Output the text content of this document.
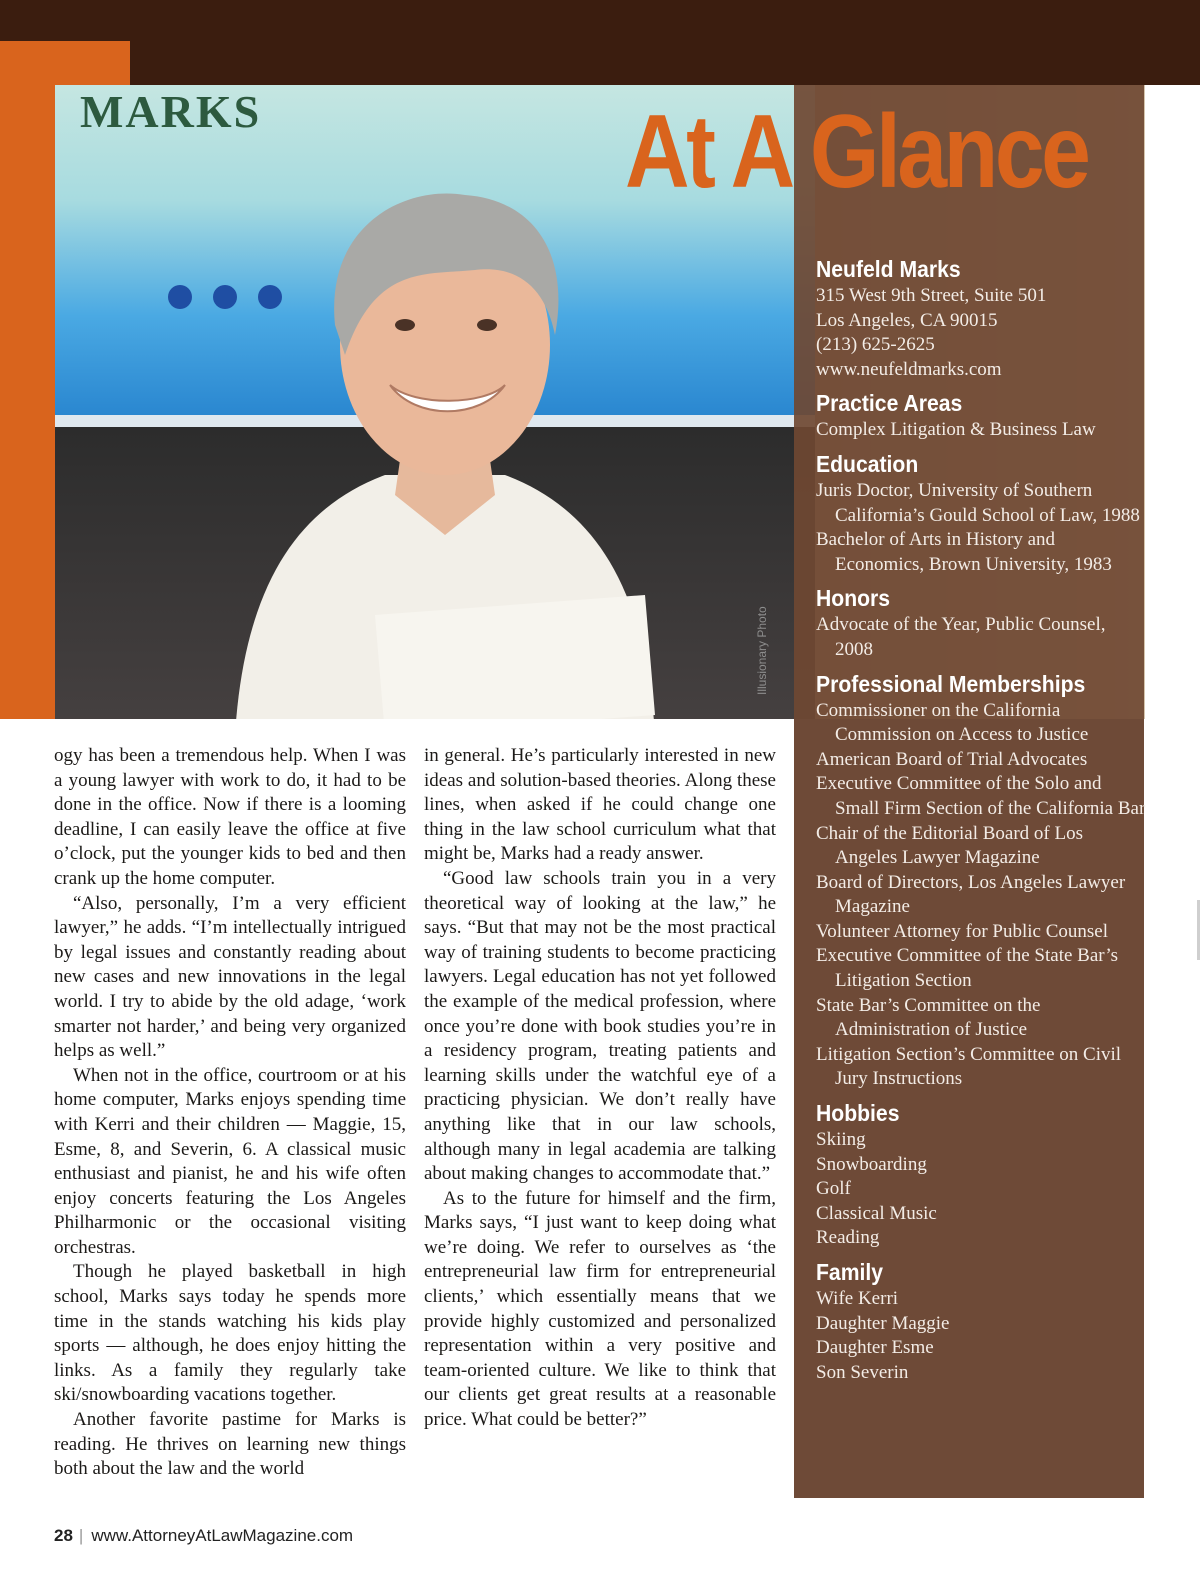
MARKS
Illusionary Photo
At A Glance
Neufeld Marks
315 West 9th Street, Suite 501
Los Angeles, CA 90015
(213) 625-2625
www.neufeldmarks.com
Practice Areas
Complex Litigation & Business Law
Education
Juris Doctor, University of Southern California’s Gould School of Law, 1988
Bachelor of Arts in History and Economics, Brown University, 1983
Honors
Advocate of the Year, Public Counsel, 2008
Professional Memberships
Commissioner on the California Commission on Access to Justice
American Board of Trial Advocates
Executive Committee of the Solo and Small Firm Section of the California Bar
Chair of the Editorial Board of Los Angeles Lawyer Magazine
Board of Directors, Los Angeles Lawyer Magazine
Volunteer Attorney for Public Counsel
Executive Committee of the State Bar’s Litigation Section
State Bar’s Committee on the Administration of Justice
Litigation Section’s Committee on Civil Jury Instructions
Hobbies
Skiing
Snowboarding
Golf
Classical Music
Reading
Family
Wife Kerri
Daughter Maggie
Daughter Esme
Son Severin

ogy has been a tremendous help. When I was a young lawyer with work to do, it had to be done in the office. Now if there is a looming deadline, I can easily leave the office at five o’clock, put the younger kids to bed and then crank up the home computer.

“Also, personally, I’m a very efficient lawyer,” he adds. “I’m intellectually intrigued by legal issues and constantly reading about new cases and new innovations in the legal world. I try to abide by the old adage, ‘work smarter not harder,’ and being very organized helps as well.”

When not in the office, courtroom or at his home computer, Marks enjoys spending time with Kerri and their children — Maggie, 15, Esme, 8, and Severin, 6. A classical music enthusiast and pianist, he and his wife often enjoy concerts featuring the Los Angeles Philharmonic or the occasional visiting orchestras.

Though he played basketball in high school, Marks says today he spends more time in the stands watching his kids play sports — although, he does enjoy hitting the links. As a family they regularly take ski/snowboarding vacations together.

Another favorite pastime for Marks is reading. He thrives on learning new things both about the law and the world

in general. He’s particularly interested in new ideas and solution-based theories. Along these lines, when asked if he could change one thing in the law school curriculum what that might be, Marks had a ready answer.

“Good law schools train you in a very theoretical way of looking at the law,” he says. “But that may not be the most practical way of training students to become practicing lawyers. Legal education has not yet followed the example of the medical profession, where once you’re done with book studies you’re in a residency program, treating patients and learning skills under the watchful eye of a practicing physician. We don’t really have anything like that in our law schools, although many in legal academia are talking about making changes to accommodate that.”

As to the future for himself and the firm, Marks says, “I just want to keep doing what we’re doing. We refer to ourselves as ‘the entrepreneurial law firm for entrepreneurial clients,’ which essentially means that we provide highly customized and personalized representation within a very positive and team-oriented culture. We like to think that our clients get great results at a reasonable price. What could be better?”

28 | www.AttorneyAtLawMagazine.com
